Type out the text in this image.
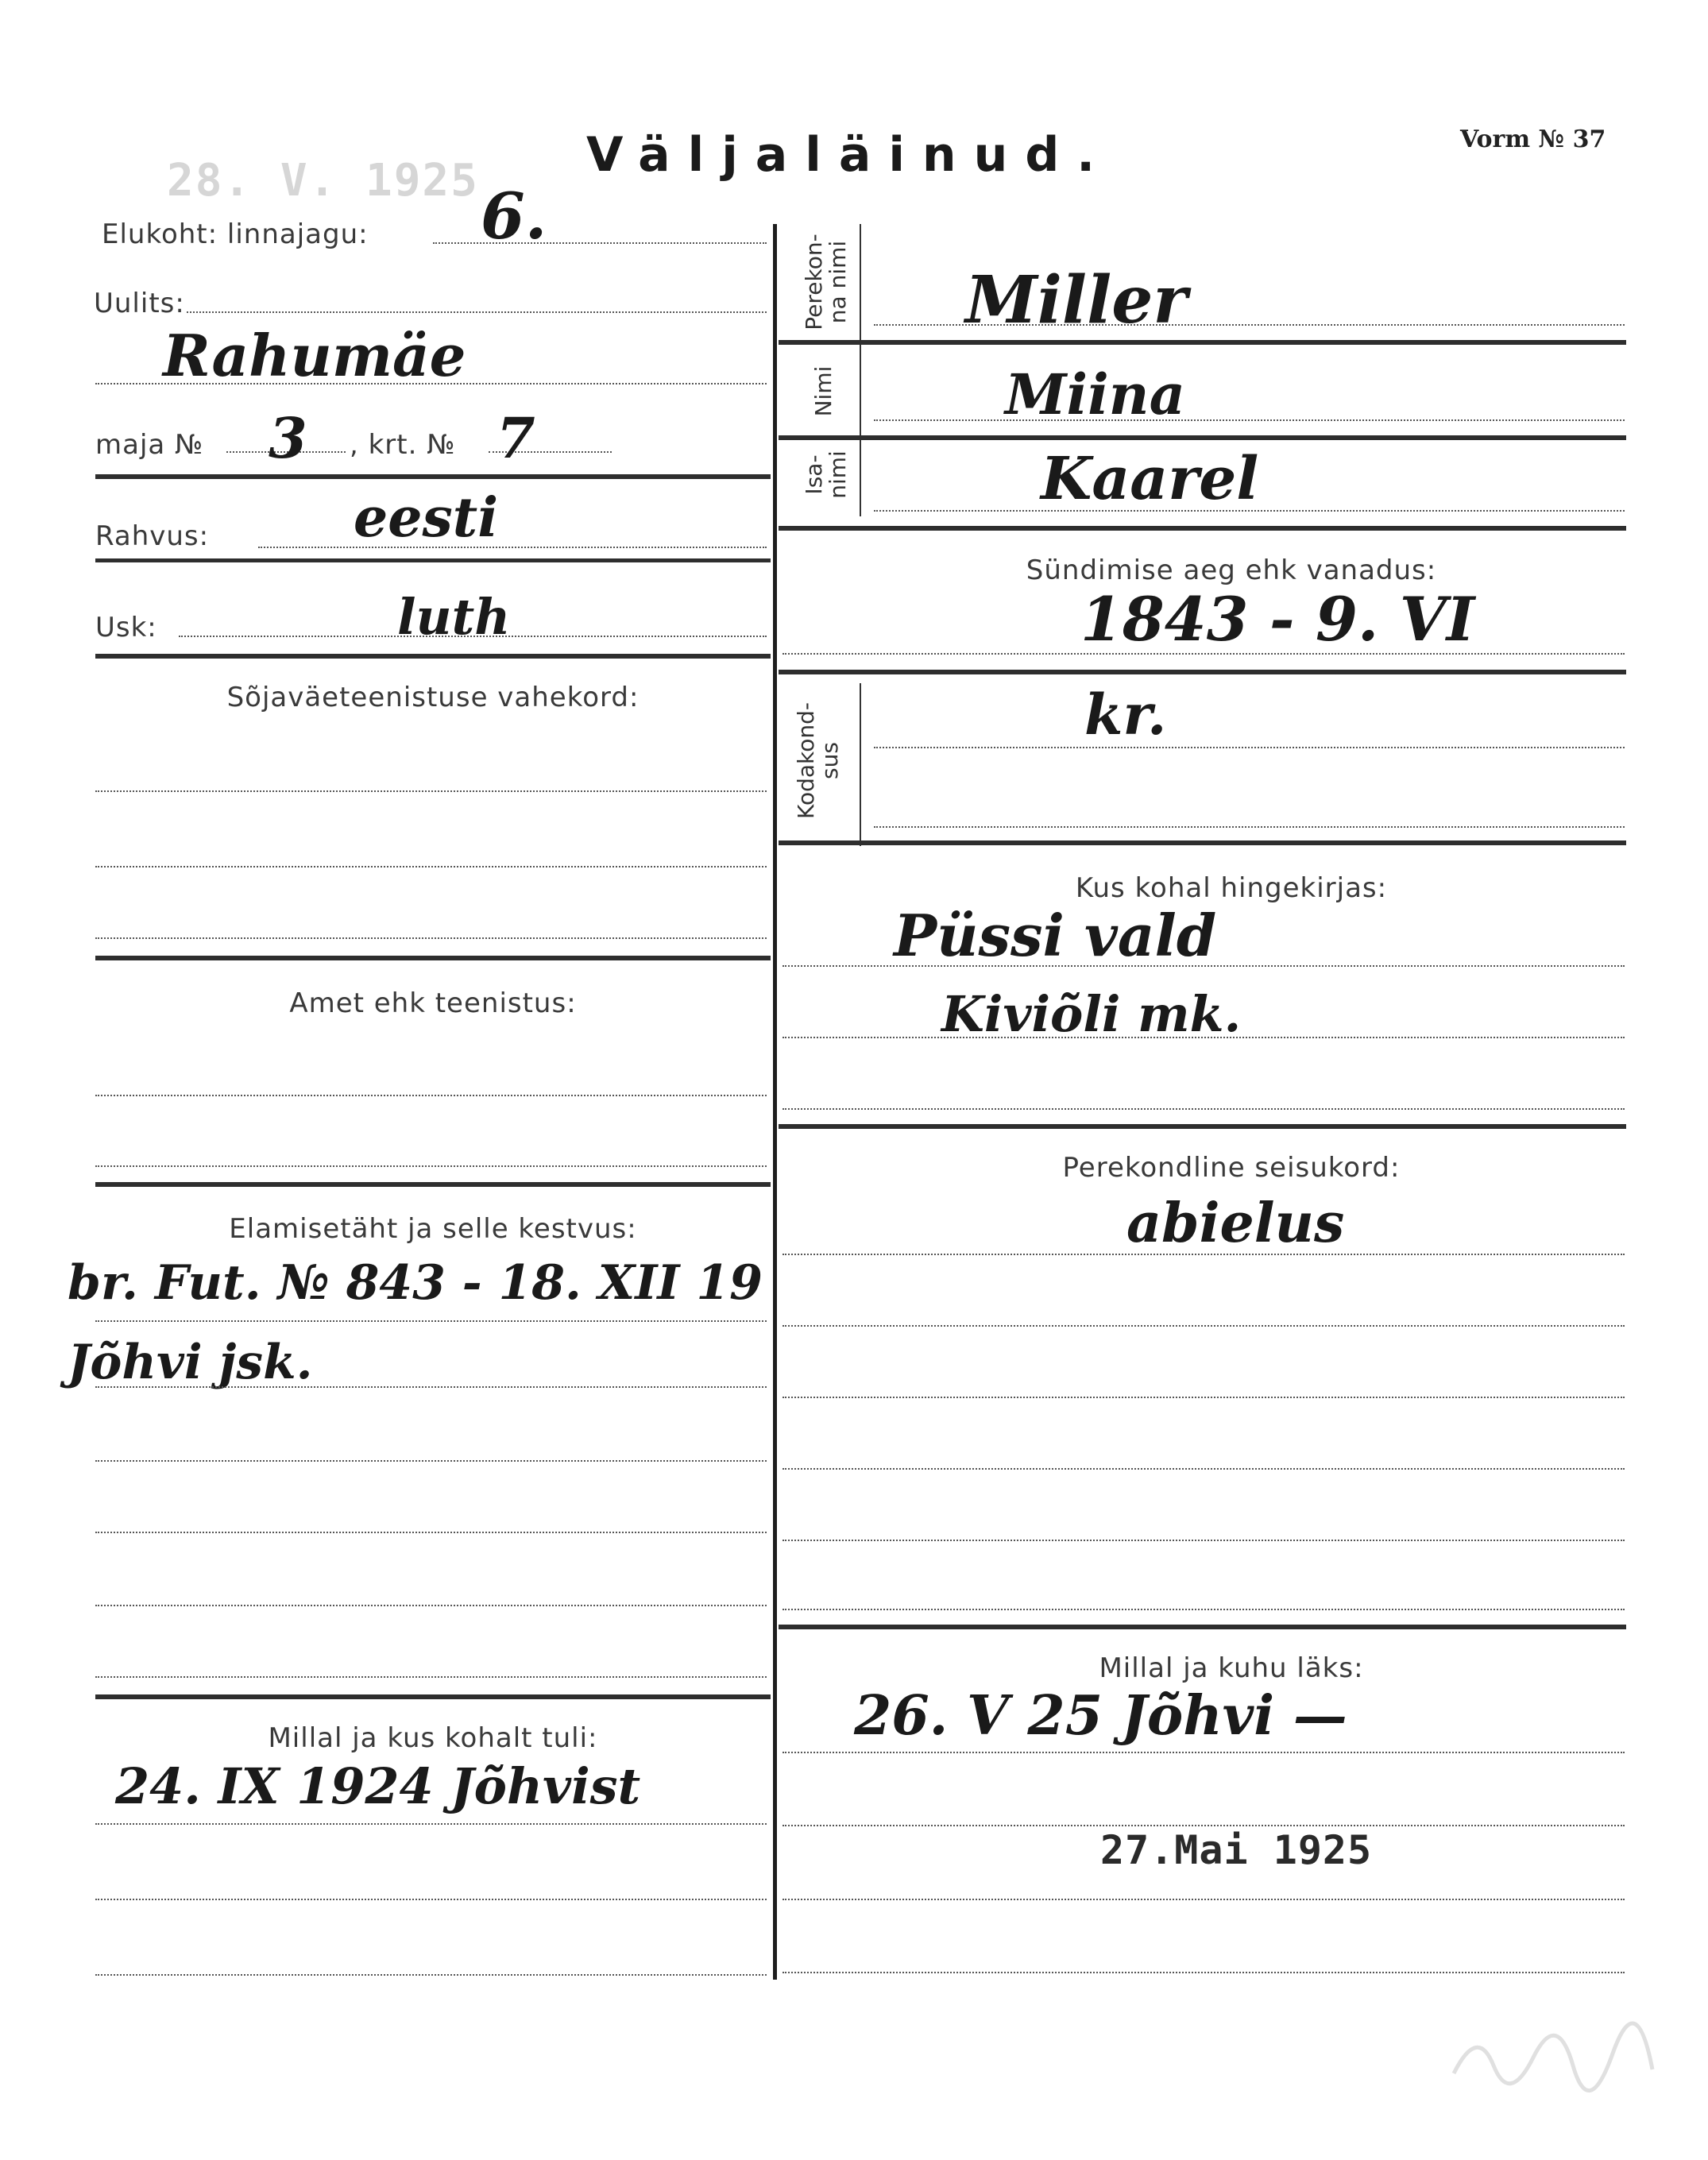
Väljaläinud.	Vorm № 37
28. V. 1925
Elukoht: linnajagu: 6.
Uulits:
Rahumäe
maja № 3 , krt. № 7
Rahvus:	eesti
Usk:	luth
Sõjaväeteenistuse vahekord:
Amet ehk teenistus:
Elamisetäht ja selle kestvus:
br. Fut. № 843 - 18. XII 19
Jõhvi jsk.
Millal ja kus kohalt tuli:
24. IX 1924 Jõhvist
Perekon-
na nimi Miller
Nimi	Miina
Isa-
nimi	Kaarel
Sündimise aeg ehk vanadus:
1843 - 9. VI
Kodakond-
sus
kr.
Kus kohal hingekirjas:
Püssi vald
Kiviõli mk.
Perekondline seisukord:
abielus
Millal ja kuhu läks:
26. V 25 Jõhvi —
27.Mai 1925
